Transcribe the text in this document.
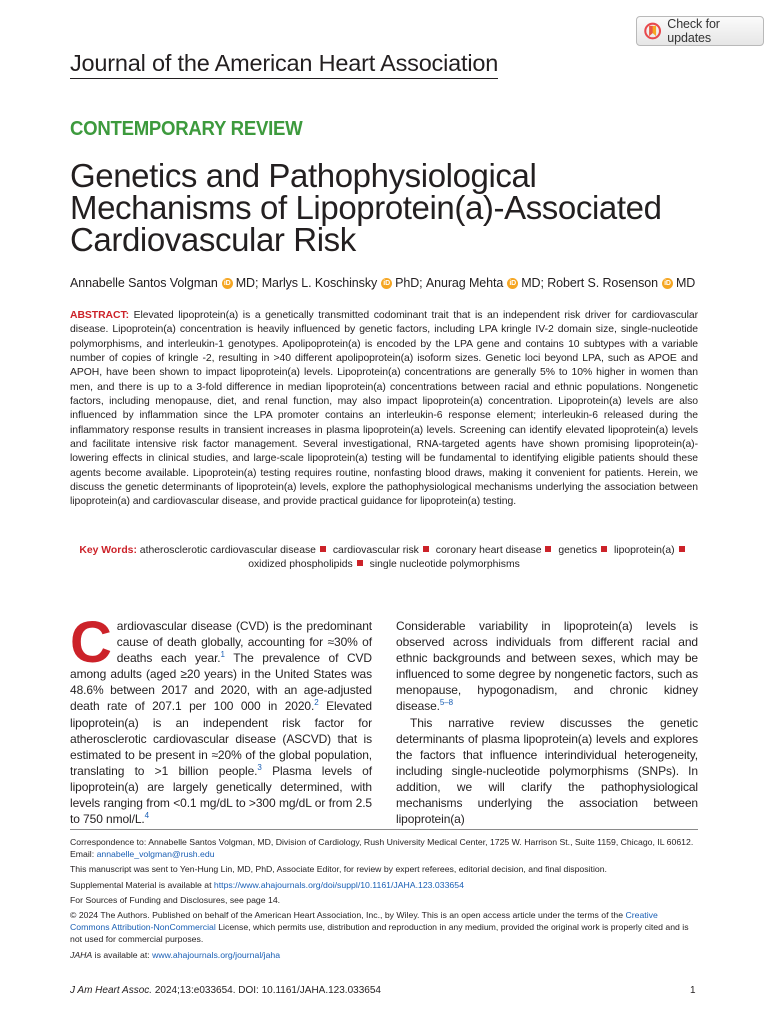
Check for updates
Journal of the American Heart Association
CONTEMPORARY REVIEW
Genetics and Pathophysiological
Mechanisms of Lipoprotein(a)-Associated
Cardiovascular Risk
Annabelle Santos Volgman iD MD;
Marlys L. Koschinsky iD PhD;
Anurag Mehta iD MD;
Robert S. Rosenson iD MD
ABSTRACT: Elevated lipoprotein(a) is a genetically transmitted codominant trait that is an independent risk driver for cardiovascular disease. Lipoprotein(a) concentration is heavily influenced by genetic factors, including LPA kringle IV-2 domain size, single-nucleotide polymorphisms, and interleukin-1 genotypes. Apolipoprotein(a) is encoded by the LPA gene and contains 10 subtypes with a variable number of copies of kringle -2, resulting in >40 different apolipoprotein(a) isoform sizes. Genetic loci beyond LPA, such as APOE and APOH, have been shown to impact lipoprotein(a) levels. Lipoprotein(a) concentrations are generally 5% to 10% higher in women than men, and there is up to a 3-fold difference in median lipoprotein(a) concentrations between racial and ethnic populations. Nongenetic factors, including menopause, diet, and renal function, may also impact lipoprotein(a) concentration. Lipoprotein(a) levels are also influenced by inflammation since the LPA promoter contains an interleukin-6 response element; interleukin-6 released during the inflammatory response results in transient increases in plasma lipoprotein(a) levels. Screening can identify elevated lipoprotein(a) levels and facilitate intensive risk factor management. Several investigational, RNA-targeted agents have shown promising lipoprotein(a)-lowering effects in clinical studies, and large-scale lipoprotein(a) testing will be fundamental to identifying eligible patients should these agents become available. Lipoprotein(a) testing requires routine, nonfasting blood draws, making it convenient for patients. Herein, we discuss the genetic determinants of lipoprotein(a) levels, explore the pathophysiological mechanisms underlying the association between lipoprotein(a) and cardiovascular disease, and provide practical guidance for lipoprotein(a) testing.
Key Words: atherosclerotic cardiovascular disease cardiovascular risk coronary heart disease genetics lipoprotein(a)
oxidized phospholipids single nucleotide polymorphisms
Cardiovascular disease (CVD) is the predominant cause of death globally, accounting for ≈30% of deaths each year.$^1$ The prevalence of CVD among adults (aged ≥20 years) in the United States was 48.6% between 2017 and 2020, with an age-adjusted death rate of 207.1 per 100 000 in 2020.$^2$ Elevated lipoprotein(a) is an independent risk factor for atherosclerotic cardiovascular disease (ASCVD) that is estimated to be present in ≈20% of the global population, translating to >1 billion people.$^3$ Plasma levels of lipoprotein(a) are largely genetically determined, with levels ranging from <0.1 mg/dL to >300 mg/dL or from 2.5 to 750 nmol/L.$^4$
Considerable variability in lipoprotein(a) levels is observed across individuals from different racial and ethnic backgrounds and between sexes, which may be influenced to some degree by nongenetic factors, such as menopause, hypogonadism, and chronic kidney disease.$^{5-8}$
This narrative review discusses the genetic determinants of plasma lipoprotein(a) levels and explores the factors that influence interindividual heterogeneity, including single-nucleotide polymorphisms (SNPs). In addition, we will clarify the pathophysiological mechanisms underlying the association between lipoprotein(a)

Correspondence to: Annabelle Santos Volgman, MD, Division of Cardiology, Rush University Medical Center, 1725 W. Harrison St., Suite 1159, Chicago, IL 60612. Email: annabelle_volgman@rush.edu

This manuscript was sent to Yen-Hung Lin, MD, PhD, Associate Editor, for review by expert referees, editorial decision, and final disposition.

Supplemental Material is available at https://www.ahajournals.org/doi/suppl/10.1161/JAHA.123.033654

For Sources of Funding and Disclosures, see page 14.

© 2024 The Authors. Published on behalf of the American Heart Association, Inc., by Wiley. This is an open access article under the terms of the Creative Commons Attribution-NonCommercial License, which permits use, distribution and reproduction in any medium, provided the original work is properly cited and is not used for commercial purposes.

JAHA is available at: www.ahajournals.org/journal/jaha

J Am Heart Assoc. 2024;13:e033654. DOI: 10.1161/JAHA.123.033654	1
